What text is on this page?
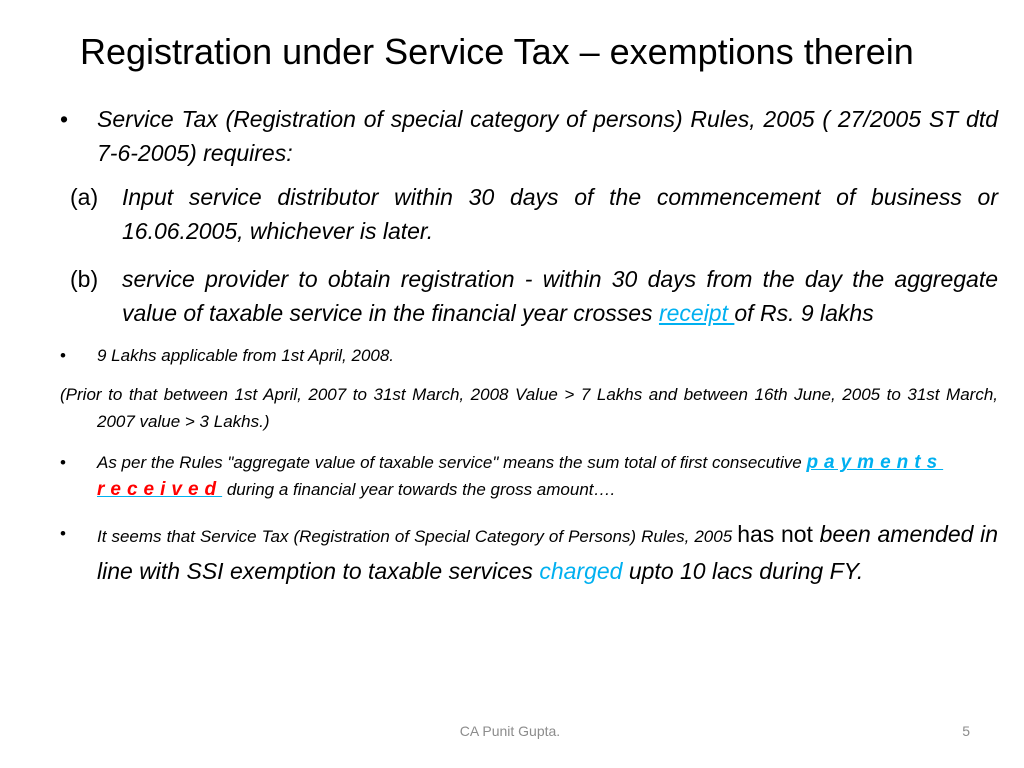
Registration under Service Tax – exemptions therein
• Service Tax (Registration of special category of persons) Rules, 2005 ( 27/2005 ST dtd 7-6-2005) requires:
(a) Input service distributor within 30 days of the commencement of business or 16.06.2005, whichever is later.
(b) service provider to obtain registration - within 30 days from the day the aggregate value of taxable service in the financial year crosses receipt of Rs. 9 lakhs
• 9 Lakhs applicable from 1st April, 2008.
(Prior to that between 1st April, 2007 to 31st March, 2008 Value > 7 Lakhs and between 16th June, 2005 to 31st March, 2007 value > 3 Lakhs.)
• As per the Rules "aggregate value of taxable service" means the sum total of first consecutive payments received during a financial year towards the gross amount….
• It seems that Service Tax (Registration of Special Category of Persons) Rules, 2005 has not been amended in line with SSI exemption to taxable services charged upto 10 lacs during FY.
CA Punit Gupta.	5
